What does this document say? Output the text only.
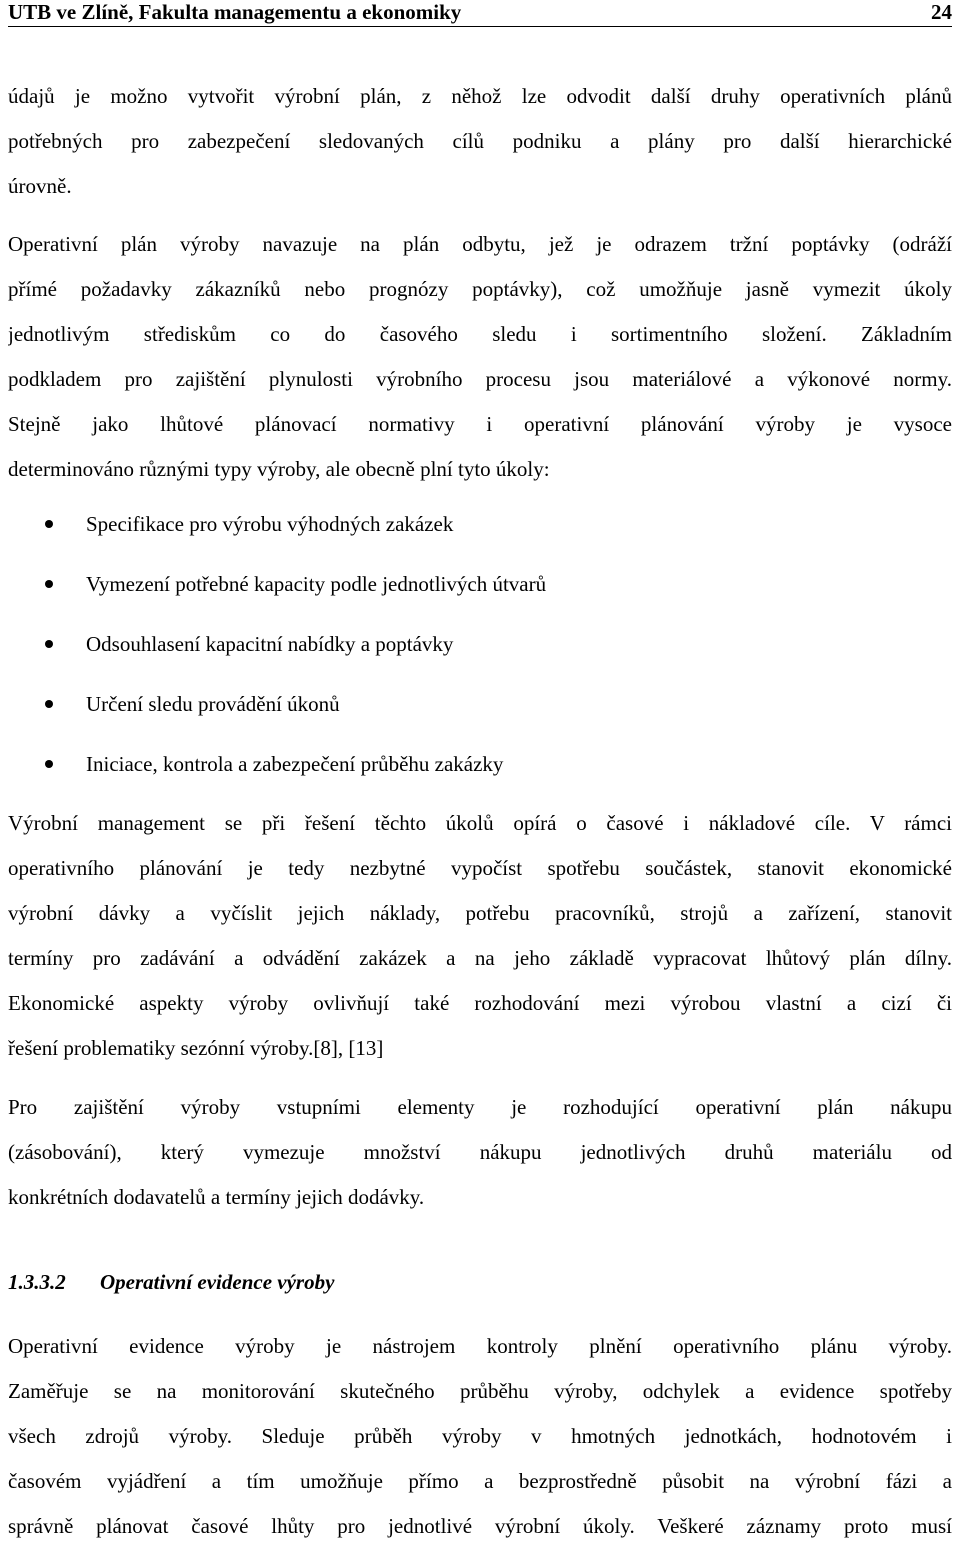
UTB ve Zlíně, Fakulta managementu a ekonomiky	24
údajů je možno vytvořit výrobní plán, z něhož lze odvodit další druhy operativních plánů
potřebných pro zabezpečení sledovaných cílů podniku a plány pro další hierarchické
úrovně.
Operativní plán výroby navazuje na plán odbytu, jež je odrazem tržní poptávky (odráží
přímé požadavky zákazníků nebo prognózy poptávky), což umožňuje jasně vymezit úkoly
jednotlivým střediskům co do časového sledu i sortimentního složení. Základním
podkladem pro zajištění plynulosti výrobního procesu jsou materiálové a výkonové normy.
Stejně jako lhůtové plánovací normativy i operativní plánování výroby je vysoce
determinováno různými typy výroby, ale obecně plní tyto úkoly:
Specifikace pro výrobu výhodných zakázek
Vymezení potřebné kapacity podle jednotlivých útvarů
Odsouhlasení kapacitní nabídky a poptávky
Určení sledu provádění úkonů
Iniciace, kontrola a zabezpečení průběhu zakázky
Výrobní management se při řešení těchto úkolů opírá o časové i nákladové cíle. V rámci
operativního plánování je tedy nezbytné vypočíst spotřebu součástek, stanovit ekonomické
výrobní dávky a vyčíslit jejich náklady, potřebu pracovníků, strojů a zařízení, stanovit
termíny pro zadávání a odvádění zakázek a na jeho základě vypracovat lhůtový plán dílny.
Ekonomické aspekty výroby ovlivňují také rozhodování mezi výrobou vlastní a cizí či
řešení problematiky sezónní výroby.[8], [13]
Pro zajištění výroby vstupními elementy je rozhodující operativní plán nákupu
(zásobování), který vymezuje množství nákupu jednotlivých druhů materiálu od
konkrétních dodavatelů a termíny jejich dodávky.
1.3.3.2 Operativní evidence výroby
Operativní evidence výroby je nástrojem kontroly plnění operativního plánu výroby.
Zaměřuje se na monitorování skutečného průběhu výroby, odchylek a evidence spotřeby
všech zdrojů výroby. Sleduje průběh výroby v hmotných jednotkách, hodnotovém i
časovém vyjádření a tím umožňuje přímo a bezprostředně působit na výrobní fázi a
správně plánovat časové lhůty pro jednotlivé výrobní úkoly. Veškeré záznamy proto musí
